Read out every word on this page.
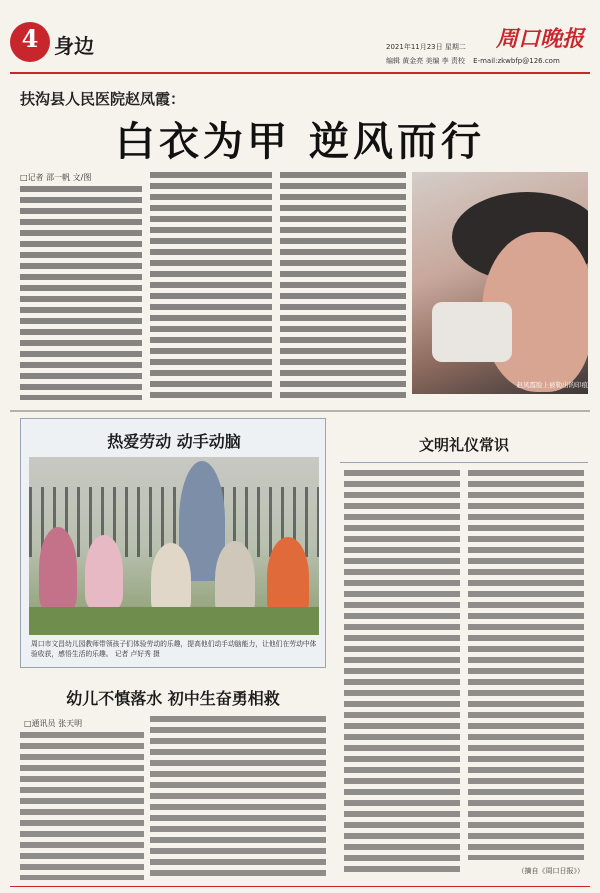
4 身边	2021年11月23日 星期二
编辑 黄金亮 美编 李 责校 E-mail:zkwbfp@126.com
周口晚报
扶沟县人民医院赵凤霞：
白衣为甲 逆风而行
□记者 邵一帆 文/图
赵凤霞脸上被勒出的印痕
热爱劳动 动手动脑
周口市文昌幼儿园教师带领孩子们体验劳动的乐趣，提高他们动手动脑能力，让他们在劳动中体验收获，感悟生活的乐趣。 记者 卢好秀 摄
文明礼仪常识
（摘自《周口日报》）
幼儿不慎落水 初中生奋勇相救
□通讯员 张天明
